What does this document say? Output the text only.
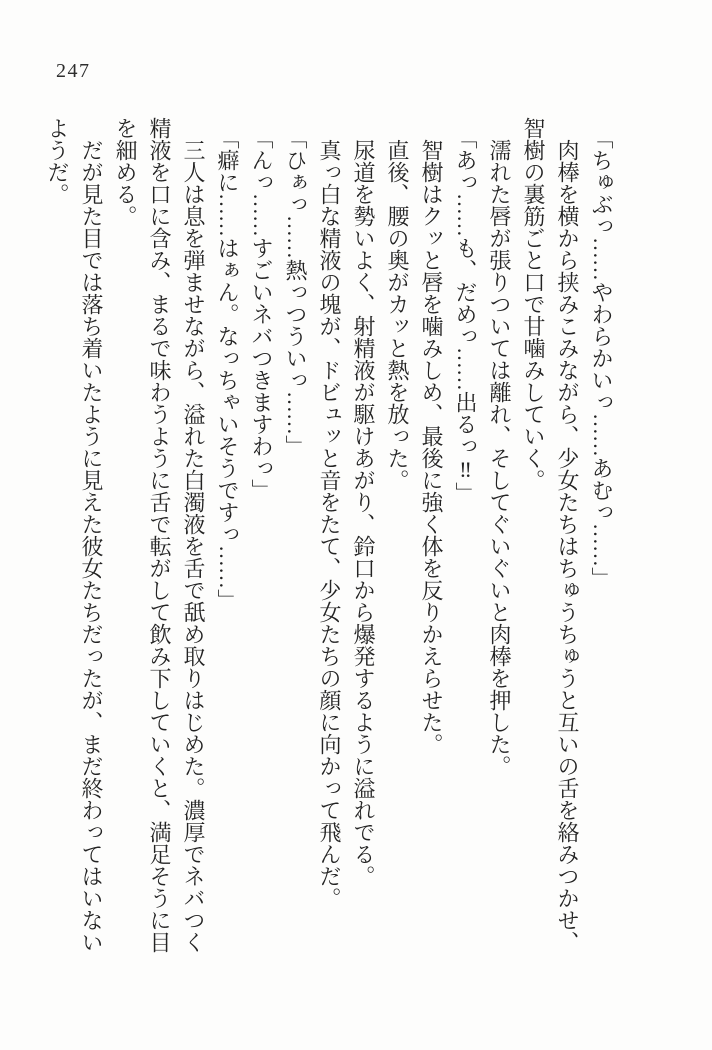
247

「ちゅぶっ……やわらかいっ……あむっ……」

肉棒を横から挟みこみながら、少女たちはちゅうちゅうと互いの舌を絡みつかせ、

智樹の裏筋ごと口で甘噛みしていく。

濡れた唇が張りついては離れ、そしてぐいぐいと肉棒を押した。

「あっ……も、だめっ……出るっ‼」

智樹はクッと唇を噛みしめ、最後に強く体を反りかえらせた。

直後、腰の奥がカッと熱を放った。

尿道を勢いよく、射精液が駆けあがり、鈴口から爆発するように溢れでる。

真っ白な精液の塊が、ドビュッと音をたて、少女たちの顔に向かって飛んだ。

「ひぁっ……熱っつういっ……」

「んっ……すごいネバつきますわっ」

「癖に……はぁん。なっちゃいそうですっ……」

三人は息を弾ませながら、溢れた白濁液を舌で舐め取りはじめた。濃厚でネバつく

精液を口に含み、まるで味わうように舌で転がして飲み下していくと、満足そうに目

を細める。

だが見た目では落ち着いたように見えた彼女たちだったが、まだ終わってはいない

ようだ。
